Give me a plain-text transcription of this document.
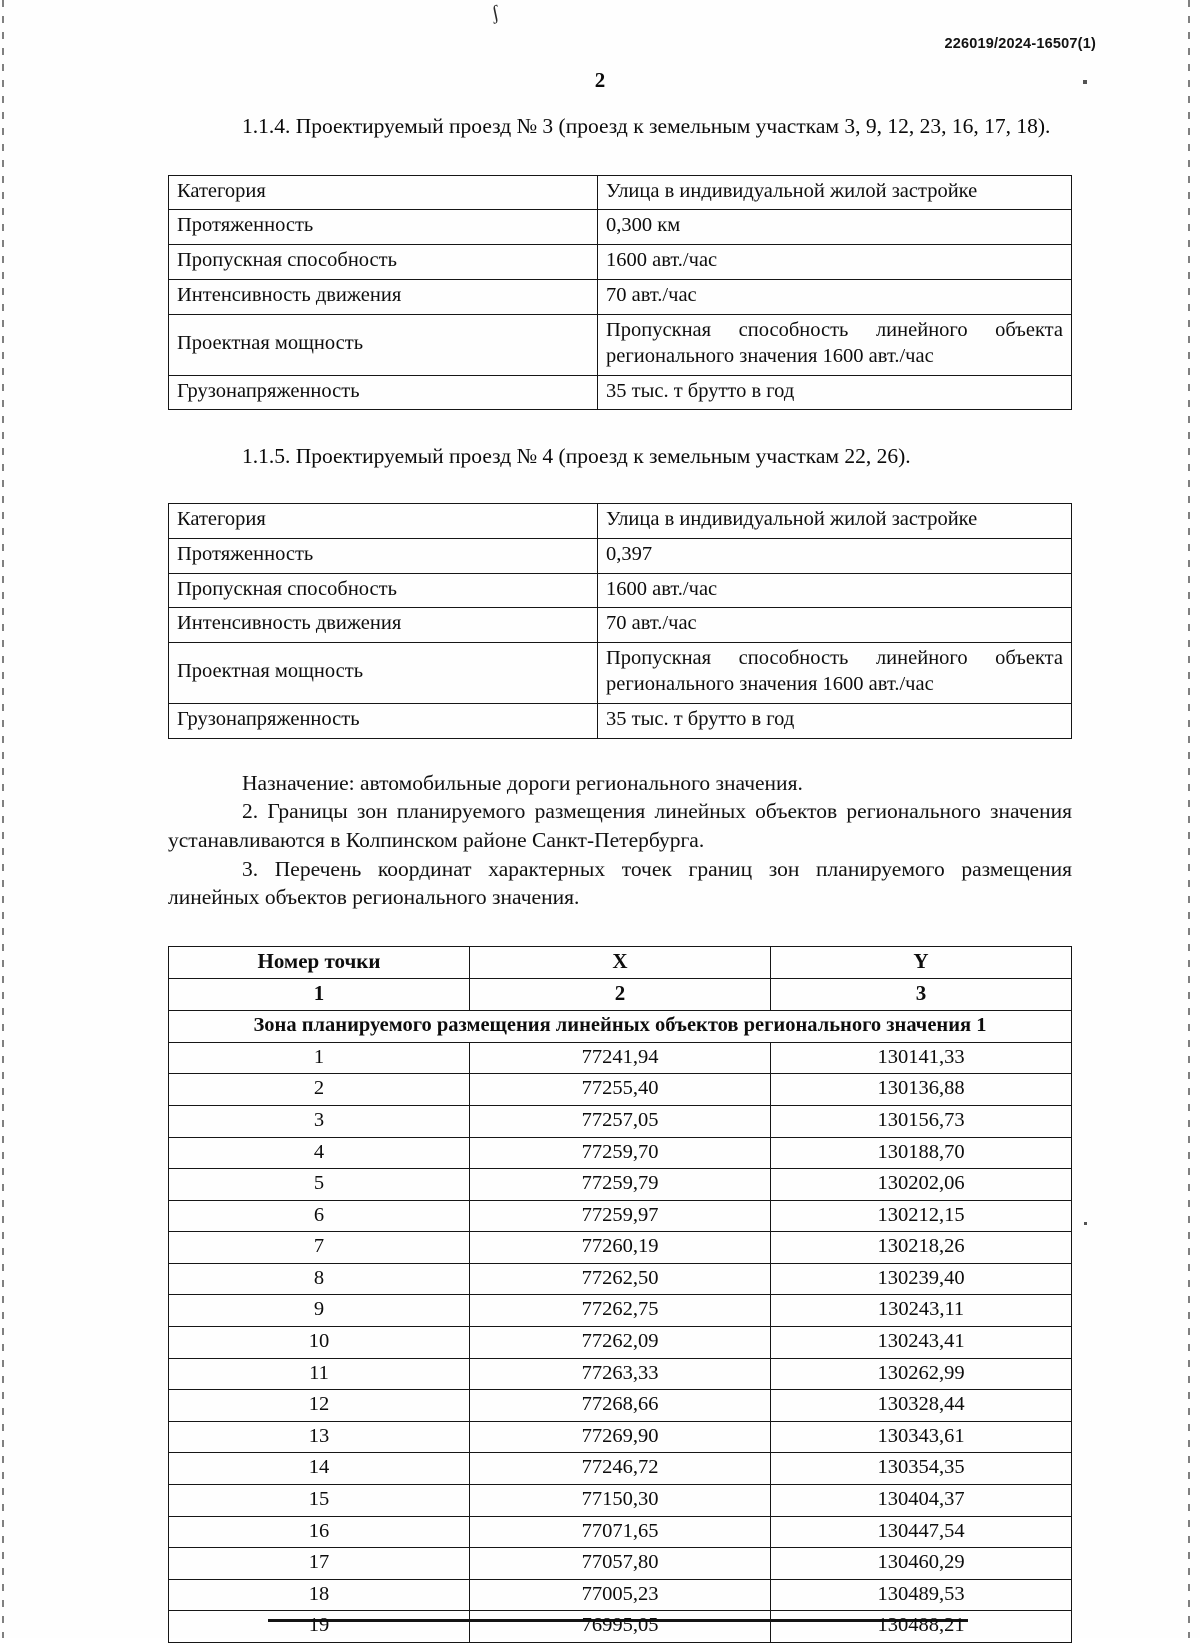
ʃ
226019/2024-16507(1)
2

1.1.4. Проектируемый проезд № 3 (проезд к земельным участкам 3, 9, 12, 23, 16, 17, 18).

Категория	Улица в индивидуальной жилой застройке
Протяженность	0,300 км
Пропускная способность	1600 авт./час
Интенсивность движения	70 авт./час
Проектная мощность	Пропускная способность линейного объекта регионального значения 1600 авт./час
Грузонапряженность	35 тыс. т брутто в год

1.1.5. Проектируемый проезд № 4 (проезд к земельным участкам 22, 26).

Категория	Улица в индивидуальной жилой застройке
Протяженность	0,397
Пропускная способность	1600 авт./час
Интенсивность движения	70 авт./час
Проектная мощность	Пропускная способность линейного объекта регионального значения 1600 авт./час
Грузонапряженность	35 тыс. т брутто в год

Назначение: автомобильные дороги регионального значения.

2. Границы зон планируемого размещения линейных объектов регионального значения устанавливаются в Колпинском районе Санкт-Петербурга.

3. Перечень координат характерных точек границ зон планируемого размещения линейных объектов регионального значения.

Номер точки	X	Y
1	2	3
Зона планируемого размещения линейных объектов регионального значения 1		
1	77241,94	130141,33
2	77255,40	130136,88
3	77257,05	130156,73
4	77259,70	130188,70
5	77259,79	130202,06
6	77259,97	130212,15
7	77260,19	130218,26
8	77262,50	130239,40
9	77262,75	130243,11
10	77262,09	130243,41
11	77263,33	130262,99
12	77268,66	130328,44
13	77269,90	130343,61
14	77246,72	130354,35
15	77150,30	130404,37
16	77071,65	130447,54
17	77057,80	130460,29
18	77005,23	130489,53
19	76995,05	130488,21
